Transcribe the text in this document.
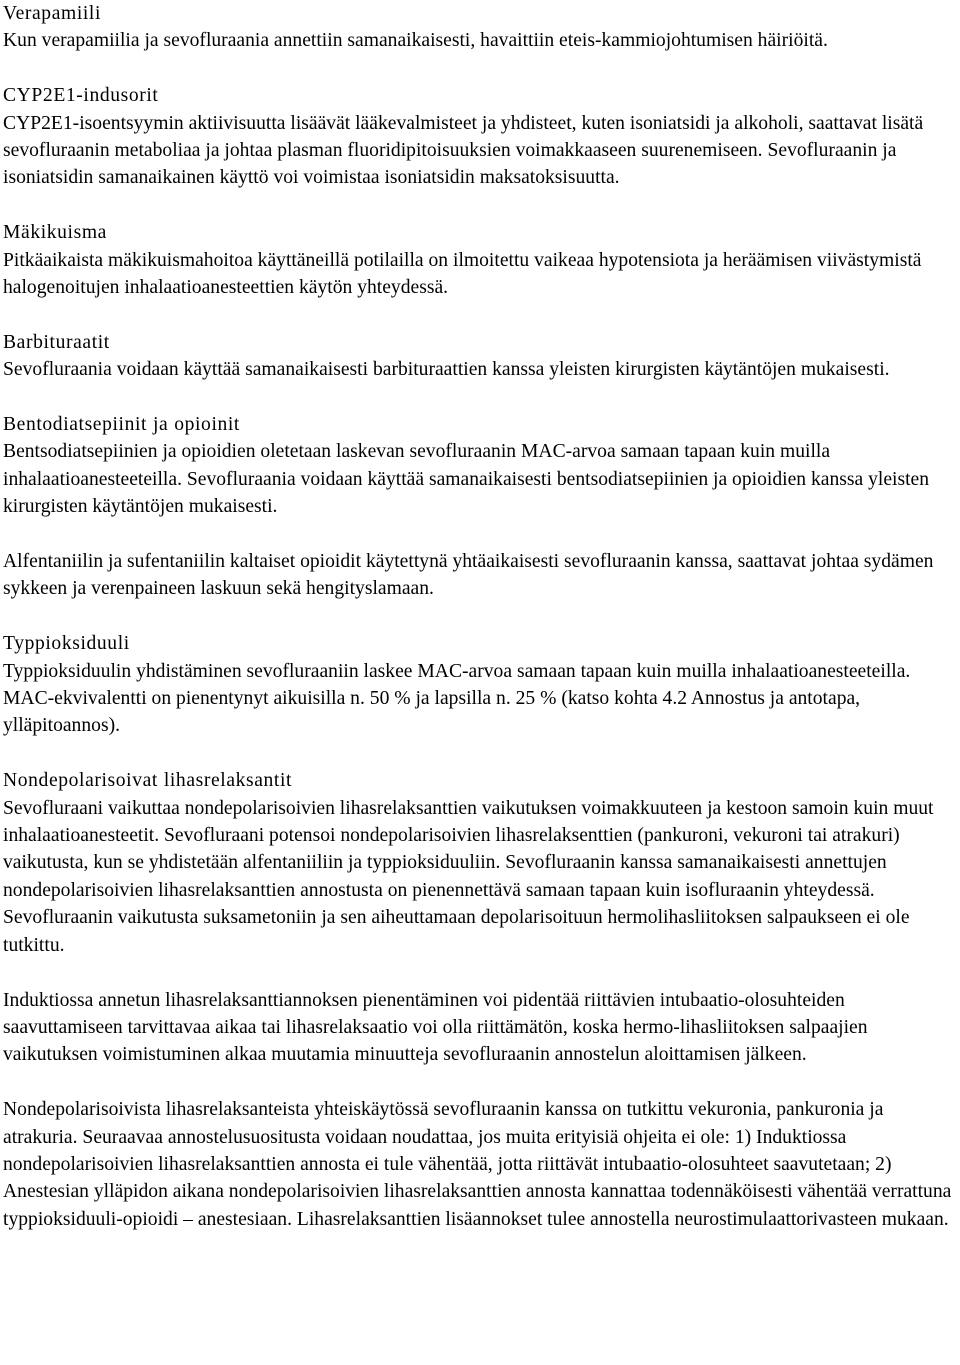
Verapamiili
Kun verapamiilia ja sevofluraania annettiin samanaikaisesti, havaittiin eteis-kammiojohtumisen häiriöitä.
CYP2E1-indusorit
CYP2E1-isoentsyymin aktiivisuutta lisäävät lääkevalmisteet ja yhdisteet, kuten isoniatsidi ja alkoholi, saattavat lisätä sevofluraanin metaboliaa ja johtaa plasman fluoridipitoisuuksien voimakkaaseen suurenemiseen. Sevofluraanin ja isoniatsidin samanaikainen käyttö voi voimistaa isoniatsidin maksatoksisuutta.
Mäkikuisma
Pitkäaikaista mäkikuismahoitoa käyttäneillä potilailla on ilmoitettu vaikeaa hypotensiota ja heräämisen viivästymistä halogenoitujen inhalaatioanesteettien käytön yhteydessä.
Barbituraatit
Sevofluraania voidaan käyttää samanaikaisesti barbituraattien kanssa yleisten kirurgisten käytäntöjen mukaisesti.
Bentodiatsepiinit ja opioinit
Bentsodiatsepiinien ja opioidien oletetaan laskevan sevofluraanin MAC-arvoa samaan tapaan kuin muilla inhalaatioanesteeteilla. Sevofluraania voidaan käyttää samanaikaisesti bentsodiatsepiinien ja opioidien kanssa yleisten kirurgisten käytäntöjen mukaisesti.
Alfentaniilin ja sufentaniilin kaltaiset opioidit käytettynä yhtäaikaisesti sevofluraanin kanssa, saattavat johtaa sydämen sykkeen ja verenpaineen laskuun sekä hengityslamaan.
Typpioksiduuli
Typpioksiduulin yhdistäminen sevofluraaniin laskee MAC-arvoa samaan tapaan kuin muilla inhalaatioanesteeteilla. MAC-ekvivalentti on pienentynyt aikuisilla n. 50 % ja lapsilla n. 25 % (katso kohta 4.2 Annostus ja antotapa, ylläpitoannos).
Nondepolarisoivat lihasrelaksantit
Sevofluraani vaikuttaa nondepolarisoivien lihasrelaksanttien vaikutuksen voimakkuuteen ja kestoon samoin kuin muut inhalaatioanesteetit. Sevofluraani potensoi nondepolarisoivien lihasrelaksenttien (pankuroni, vekuroni tai atrakuri) vaikutusta, kun se yhdistetään alfentaniiliin ja typpioksiduuliin. Sevofluraanin kanssa samanaikaisesti annettujen nondepolarisoivien lihasrelaksanttien annostusta on pienennettävä samaan tapaan kuin isofluraanin yhteydessä. Sevofluraanin vaikutusta suksametoniin ja sen aiheuttamaan depolarisoituun hermolihasliitoksen salpaukseen ei ole tutkittu.
Induktiossa annetun lihasrelaksanttiannoksen pienentäminen voi pidentää riittävien intubaatio-olosuhteiden saavuttamiseen tarvittavaa aikaa tai lihasrelaksaatio voi olla riittämätön, koska hermo-lihasliitoksen salpaajien vaikutuksen voimistuminen alkaa muutamia minuutteja sevofluraanin annostelun aloittamisen jälkeen.
Nondepolarisoivista lihasrelaksanteista yhteiskäytössä sevofluraanin kanssa on tutkittu vekuronia, pankuronia ja atrakuria. Seuraavaa annostelusuositusta voidaan noudattaa, jos muita erityisiä ohjeita ei ole: 1) Induktiossa nondepolarisoivien lihasrelaksanttien annosta ei tule vähentää, jotta riittävät intubaatio-olosuhteet saavutetaan; 2) Anestesian ylläpidon aikana nondepolarisoivien lihasrelaksanttien annosta kannattaa todennäköisesti vähentää verrattuna typpioksiduuli-opioidi – anestesiaan. Lihasrelaksanttien lisäannokset tulee annostella neurostimulaattorivasteen mukaan.
